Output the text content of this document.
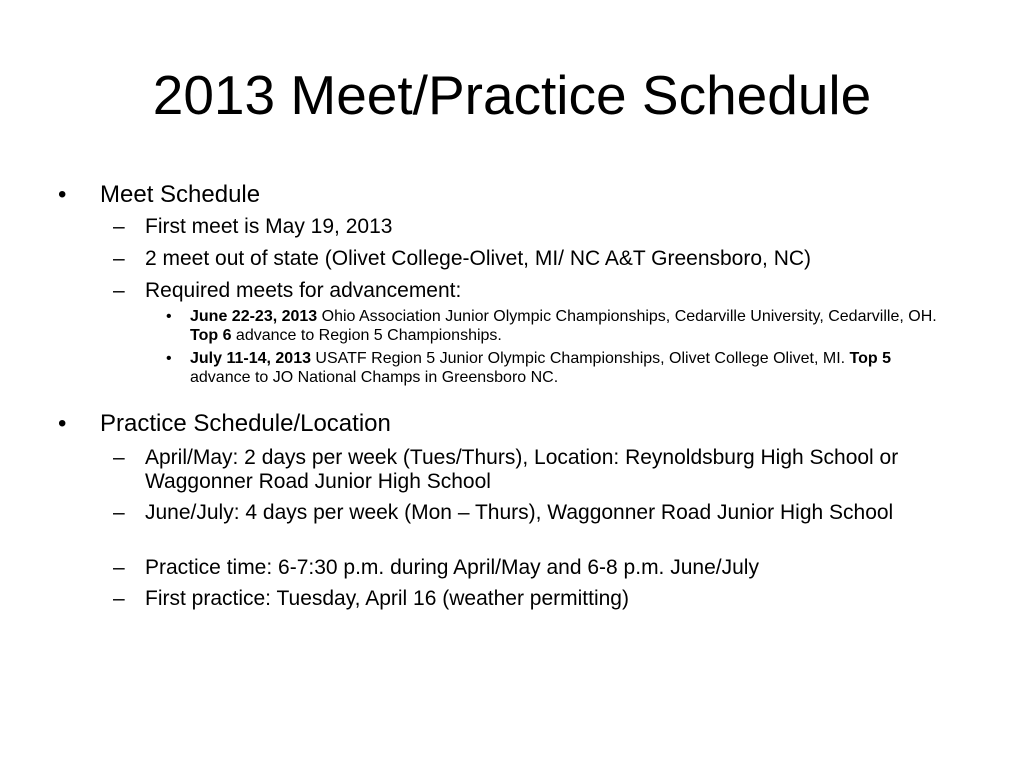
2013 Meet/Practice Schedule

• Meet Schedule

– First meet is May 19, 2013

– 2 meet out of state (Olivet College-Olivet, MI/ NC A&T Greensboro, NC)

– Required meets for advancement:

• June 22-23, 2013 Ohio Association Junior Olympic Championships, Cedarville University, Cedarville, OH. Top 6 advance to Region 5 Championships.

• July 11-14, 2013 USATF Region 5 Junior Olympic Championships, Olivet College Olivet, MI. Top 5 advance to JO National Champs in Greensboro NC.

• Practice Schedule/Location

– April/May: 2 days per week (Tues/Thurs), Location: Reynoldsburg High School or Waggonner Road Junior High School

– June/July: 4 days per week (Mon – Thurs), Waggonner Road Junior High School

– Practice time: 6-7:30 p.m. during April/May and 6-8 p.m. June/July

– First practice: Tuesday, April 16 (weather permitting)
